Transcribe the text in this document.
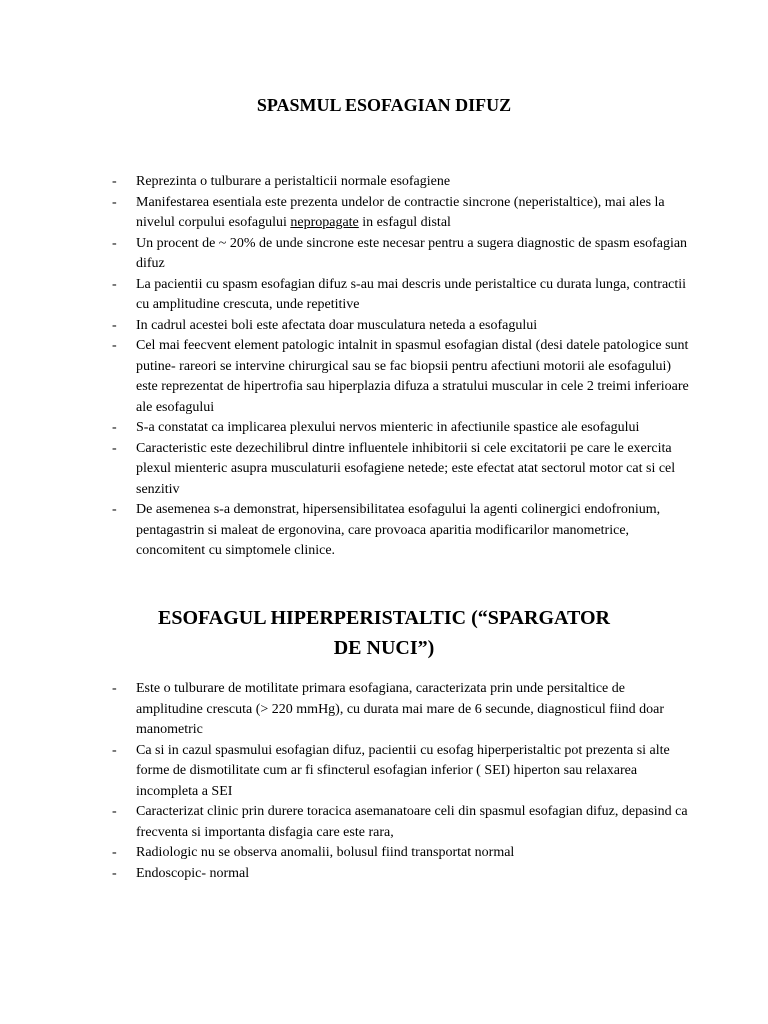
SPASMUL ESOFAGIAN DIFUZ
- Reprezinta o tulburare a peristalticii normale esofagiene
- Manifestarea esentiala este prezenta undelor de contractie sincrone (neperistaltice), mai ales la nivelul corpului esofagului nepropagate in esfagul distal
- Un procent de ~ 20% de unde sincrone este necesar pentru a sugera diagnostic de spasm esofagian difuz
- La pacientii cu spasm esofagian difuz s-au mai descris unde peristaltice cu durata lunga, contractii cu amplitudine crescuta, unde repetitive
- In cadrul acestei boli este afectata doar musculatura neteda a esofagului
- Cel mai feecvent element patologic intalnit in spasmul esofagian distal (desi datele patologice sunt putine- rareori se intervine chirurgical sau se fac biopsii pentru afectiuni motorii ale esofagului) este reprezentat de hipertrofia sau hiperplazia difuza a stratului muscular in cele 2 treimi inferioare ale esofagului
- S-a constatat ca implicarea plexului nervos mienteric in afectiunile spastice ale esofagului
- Caracteristic este dezechilibrul dintre influentele inhibitorii si cele excitatorii pe care le exercita plexul mienteric asupra musculaturii esofagiene netede; este efectat atat sectorul motor cat si cel senzitiv
- De asemenea s-a demonstrat, hipersensibilitatea esofagului la agenti colinergici endofronium, pentagastrin si maleat de ergonovina, care provoaca aparitia modificarilor manometrice, concomitent cu simptomele clinice.
ESOFAGUL HIPERPERISTALTIC (“SPARGATOR DE NUCI”)
- Este o tulburare de motilitate primara esofagiana, caracterizata prin unde persitaltice de amplitudine crescuta (> 220 mmHg), cu durata mai mare de 6 secunde, diagnosticul fiind doar manometric
- Ca si in cazul spasmului esofagian difuz, pacientii cu esofag hiperperistaltic pot prezenta si alte forme de dismotilitate cum ar fi sfincterul esofagian inferior ( SEI) hiperton sau relaxarea incompleta a SEI
- Caracterizat clinic prin durere toracica asemanatoare celi din spasmul esofagian difuz, depasind ca frecventa si importanta disfagia care este rara,
- Radiologic nu se observa anomalii, bolusul fiind transportat normal
- Endoscopic- normal
